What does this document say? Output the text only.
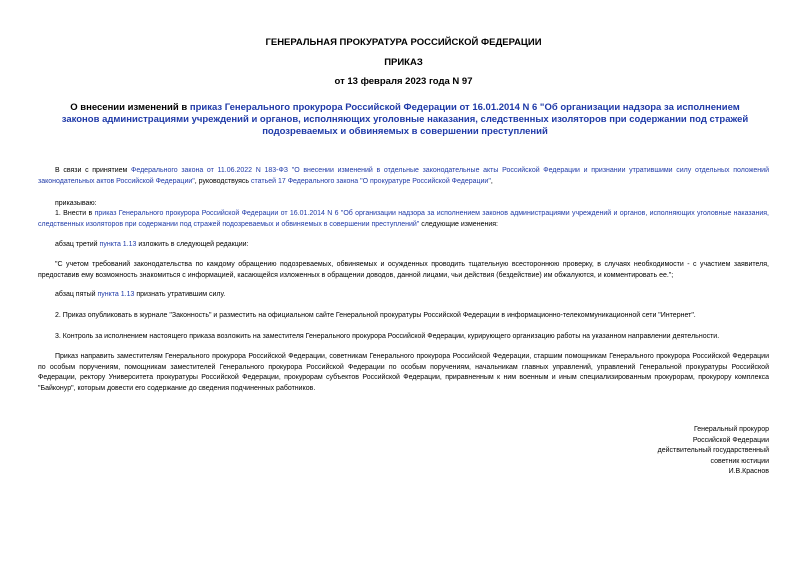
ГЕНЕРАЛЬНАЯ ПРОКУРАТУРА РОССИЙСКОЙ ФЕДЕРАЦИИ
ПРИКАЗ
от 13 февраля 2023 года N 97
О внесении изменений в приказ Генерального прокурора Российской Федерации от 16.01.2014 N 6 "Об организации надзора за исполнением законов администрациями учреждений и органов, исполняющих уголовные наказания, следственных изоляторов при содержании под стражей подозреваемых и обвиняемых в совершении преступлений
В связи с принятием Федерального закона от 11.06.2022 N 183-ФЗ "О внесении изменений в отдельные законодательные акты Российской Федерации и признании утратившими силу отдельных положений законодательных актов Российской Федерации", руководствуясь статьей 17 Федерального закона "О прокуратуре Российской Федерации",
приказываю:
1. Внести в приказ Генерального прокурора Российской Федерации от 16.01.2014 N 6 "Об организации надзора за исполнением законов администрациями учреждений и органов, исполняющих уголовные наказания, следственных изоляторов при содержании под стражей подозреваемых и обвиняемых в совершении преступлений" следующие изменения:
абзац третий пункта 1.13 изложить в следующей редакции:
"С учетом требований законодательства по каждому обращению подозреваемых, обвиняемых и осужденных проводить тщательную всестороннюю проверку, в случаях необходимости - с участием заявителя, предоставив ему возможность знакомиться с информацией, касающейся изложенных в обращении доводов, данной лицами, чьи действия (бездействие) им обжалуются, и комментировать ее.";
абзац пятый пункта 1.13 признать утратившим силу.
2. Приказ опубликовать в журнале "Законность" и разместить на официальном сайте Генеральной прокуратуры Российской Федерации в информационно-телекоммуникационной сети "Интернет".
3. Контроль за исполнением настоящего приказа возложить на заместителя Генерального прокурора Российской Федерации, курирующего организацию работы на указанном направлении деятельности.
Приказ направить заместителям Генерального прокурора Российской Федерации, советникам Генерального прокурора Российской Федерации, старшим помощникам Генерального прокурора Российской Федерации по особым поручениям, помощникам заместителей Генерального прокурора Российской Федерации по особым поручениям, начальникам главных управлений, управлений Генеральной прокуратуры Российской Федерации, ректору Университета прокуратуры Российской Федерации, прокурорам субъектов Российской Федерации, приравненным к ним военным и иным специализированным прокурорам, прокурору комплекса "Байконур", которым довести его содержание до сведения подчиненных работников.
Генеральный прокурор
Российской Федерации
действительный государственный
советник юстиции
И.В.Краснов
